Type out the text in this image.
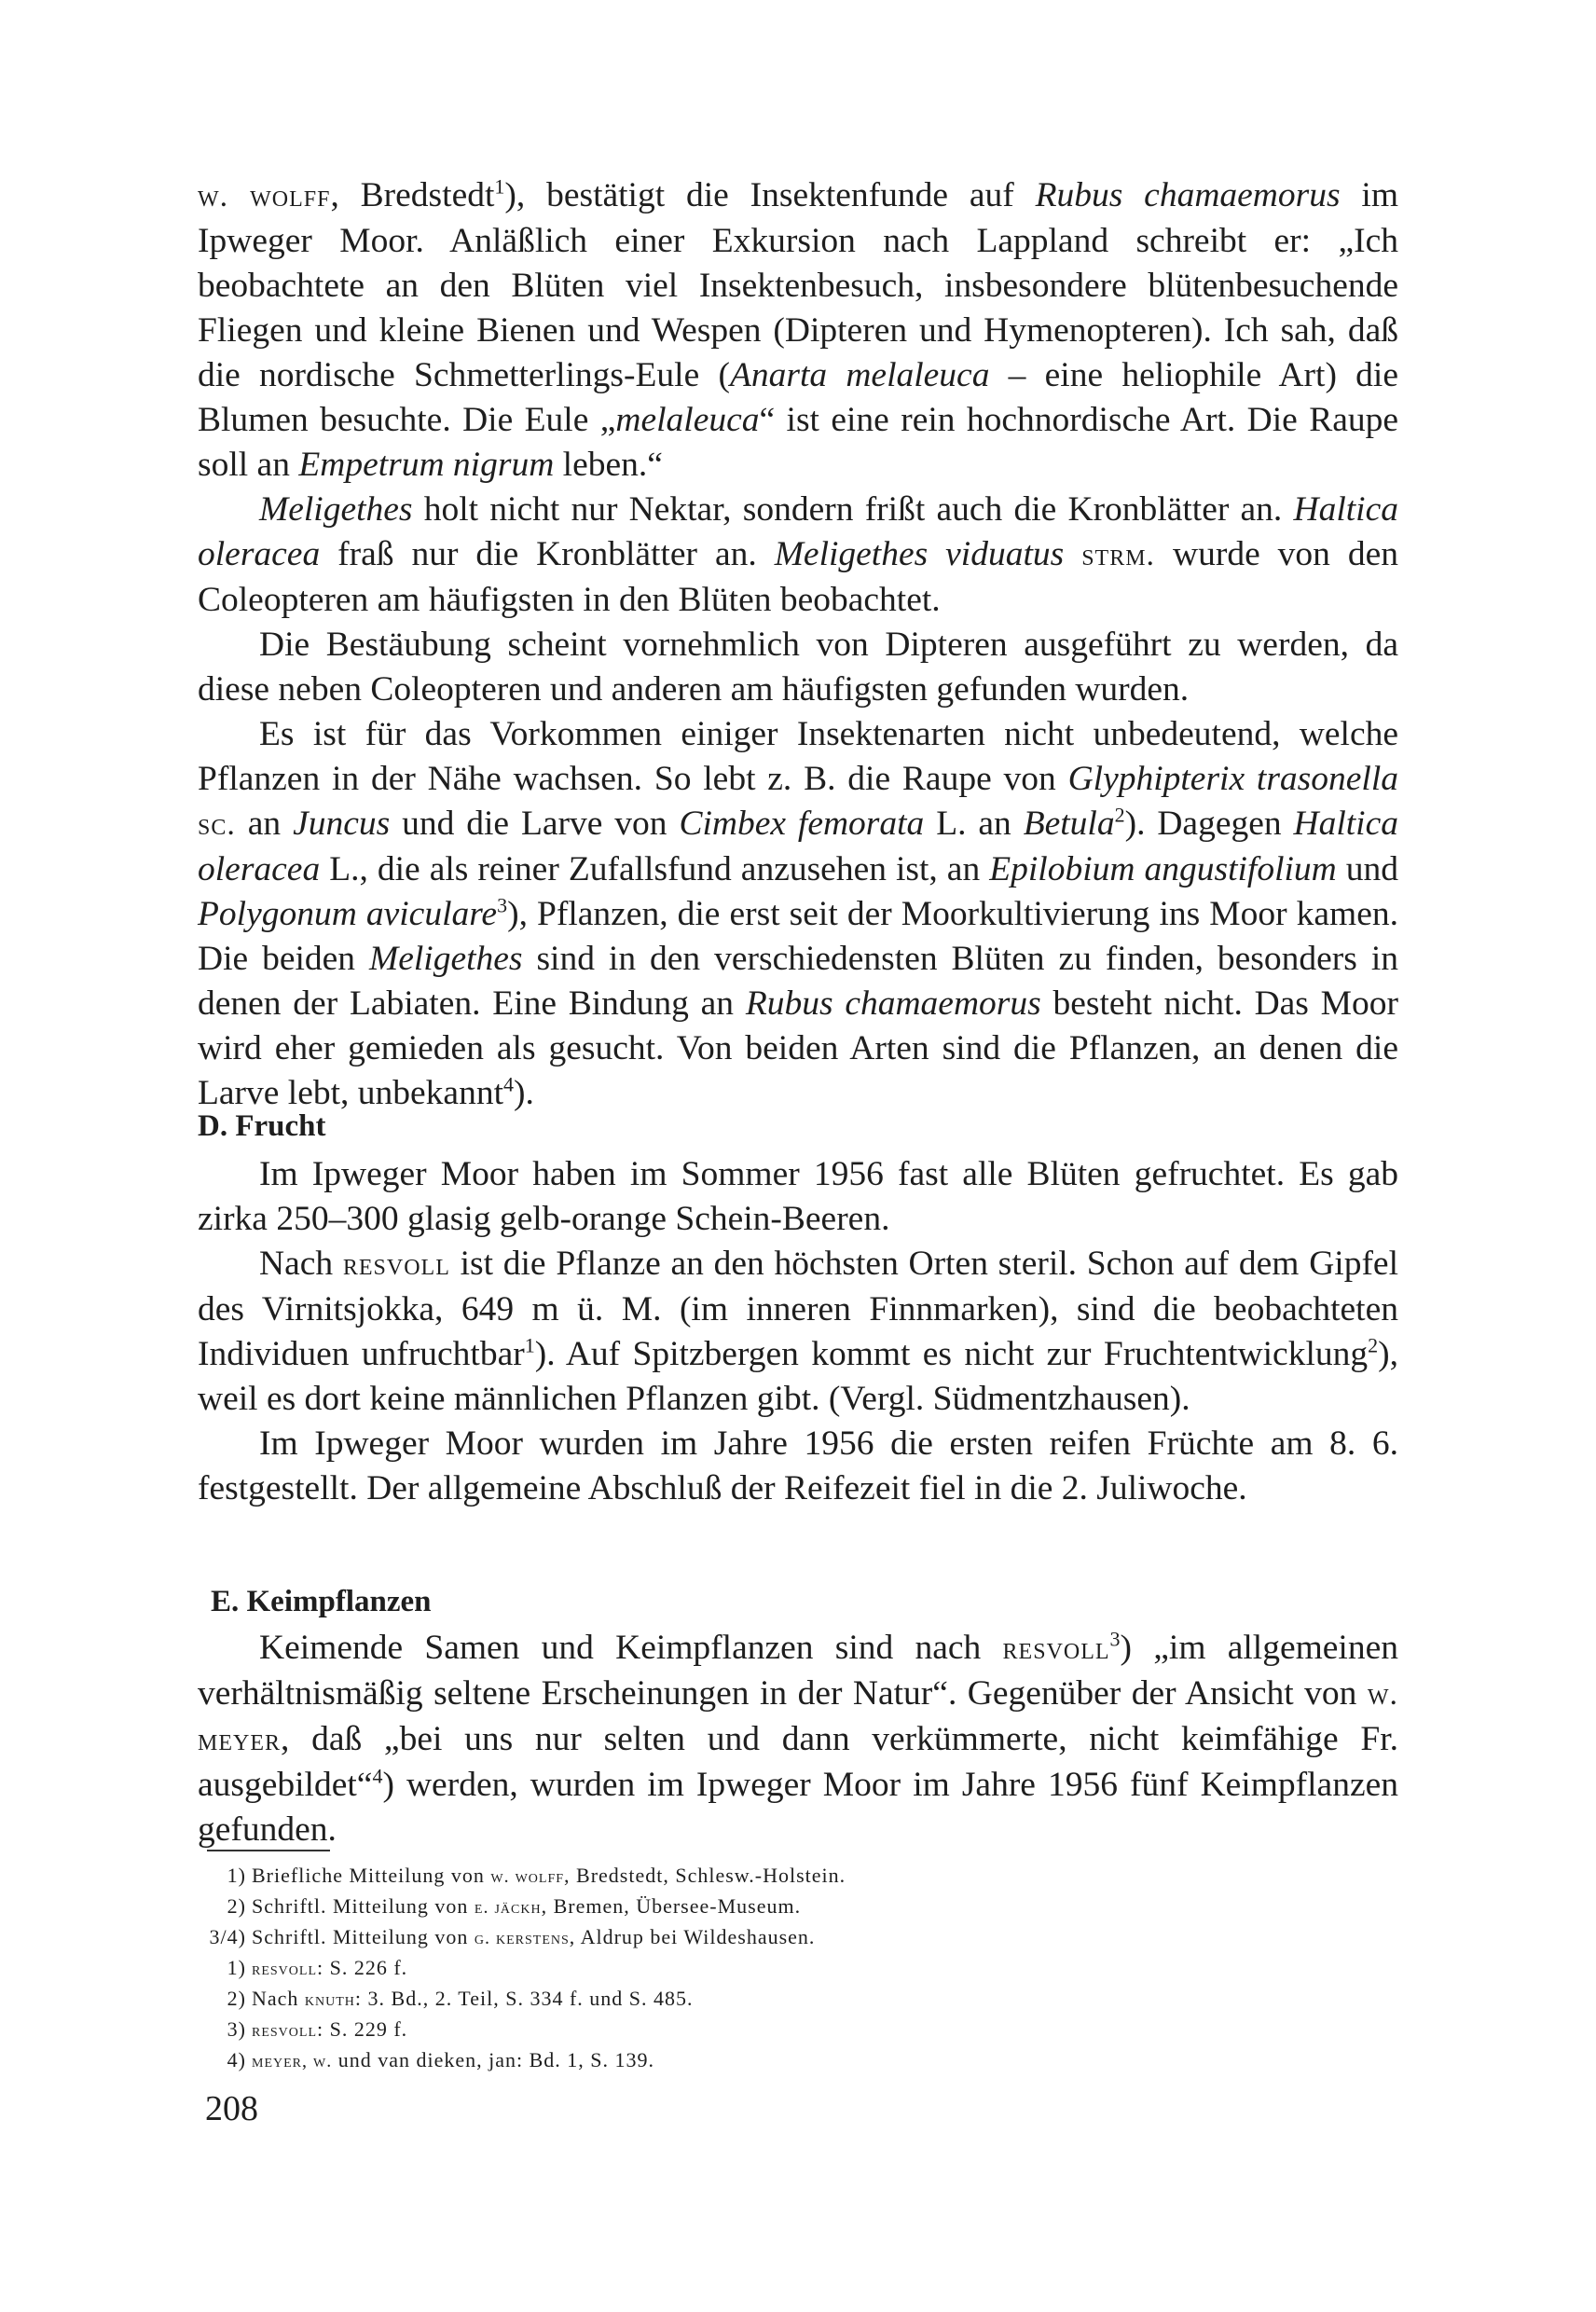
w. wolff, Bredstedt$^1$), bestätigt die Insektenfunde auf Rubus chamaemorus im Ipweger Moor. Anläßlich einer Exkursion nach Lappland schreibt er: „Ich beobachtete an den Blüten viel Insektenbesuch, insbesondere blütenbesuchende Fliegen und kleine Bienen und Wespen (Dipteren und Hymenopteren). Ich sah, daß die nordische Schmetterlings-Eule (Anarta melaleuca – eine heliophile Art) die Blumen besuchte. Die Eule „melaleuca“ ist eine rein hochnordische Art. Die Raupe soll an Empetrum nigrum leben.“

Meligethes holt nicht nur Nektar, sondern frißt auch die Kronblätter an. Haltica oleracea fraß nur die Kronblätter an. Meligethes viduatus strm. wurde von den Coleopteren am häufigsten in den Blüten beobachtet.

Die Bestäubung scheint vornehmlich von Dipteren ausgeführt zu werden, da diese neben Coleopteren und anderen am häufigsten gefunden wurden.

Es ist für das Vorkommen einiger Insektenarten nicht unbedeutend, welche Pflanzen in der Nähe wachsen. So lebt z. B. die Raupe von Glyphipterix trasonella sc. an Juncus und die Larve von Cimbex femorata L. an Betula$^2$). Dagegen Haltica oleracea L., die als reiner Zufallsfund anzusehen ist, an Epilobium angustifolium und Polygonum aviculare$^3$), Pflanzen, die erst seit der Moorkultivierung ins Moor kamen. Die beiden Meligethes sind in den verschiedensten Blüten zu finden, besonders in denen der Labiaten. Eine Bindung an Rubus chamaemorus besteht nicht. Das Moor wird eher gemieden als gesucht. Von beiden Arten sind die Pflanzen, an denen die Larve lebt, unbekannt$^4$).

D. Frucht

Im Ipweger Moor haben im Sommer 1956 fast alle Blüten gefruchtet. Es gab zirka 250–300 glasig gelb-orange Schein-Beeren.

Nach resvoll ist die Pflanze an den höchsten Orten steril. Schon auf dem Gipfel des Virnitsjokka, 649 m ü. M. (im inneren Finnmarken), sind die beobachteten Individuen unfruchtbar$^1$). Auf Spitzbergen kommt es nicht zur Fruchtentwicklung$^2$), weil es dort keine männlichen Pflanzen gibt. (Vergl. Südmentzhausen).

Im Ipweger Moor wurden im Jahre 1956 die ersten reifen Früchte am 8. 6. festgestellt. Der allgemeine Abschluß der Reifezeit fiel in die 2. Juliwoche.

E. Keimpflanzen

Keimende Samen und Keimpflanzen sind nach resvoll$^3$) „im allgemeinen verhältnismäßig seltene Erscheinungen in der Natur“. Gegenüber der Ansicht von w. meyer, daß „bei uns nur selten und dann verkümmerte, nicht keimfähige Fr. ausgebildet“$^4$) werden, wurden im Ipweger Moor im Jahre 1956 fünf Keimpflanzen gefunden.

1) Briefliche Mitteilung von w. wolff, Bredstedt, Schlesw.-Holstein.
2) Schriftl. Mitteilung von e. jäckh, Bremen, Übersee-Museum.
3/4) Schriftl. Mitteilung von g. kerstens, Aldrup bei Wildeshausen.
1) resvoll: S. 226 f.
2) Nach knuth: 3. Bd., 2. Teil, S. 334 f. und S. 485.
3) resvoll: S. 229 f.
4) meyer, w. und van dieken, jan: Bd. 1, S. 139.
208
